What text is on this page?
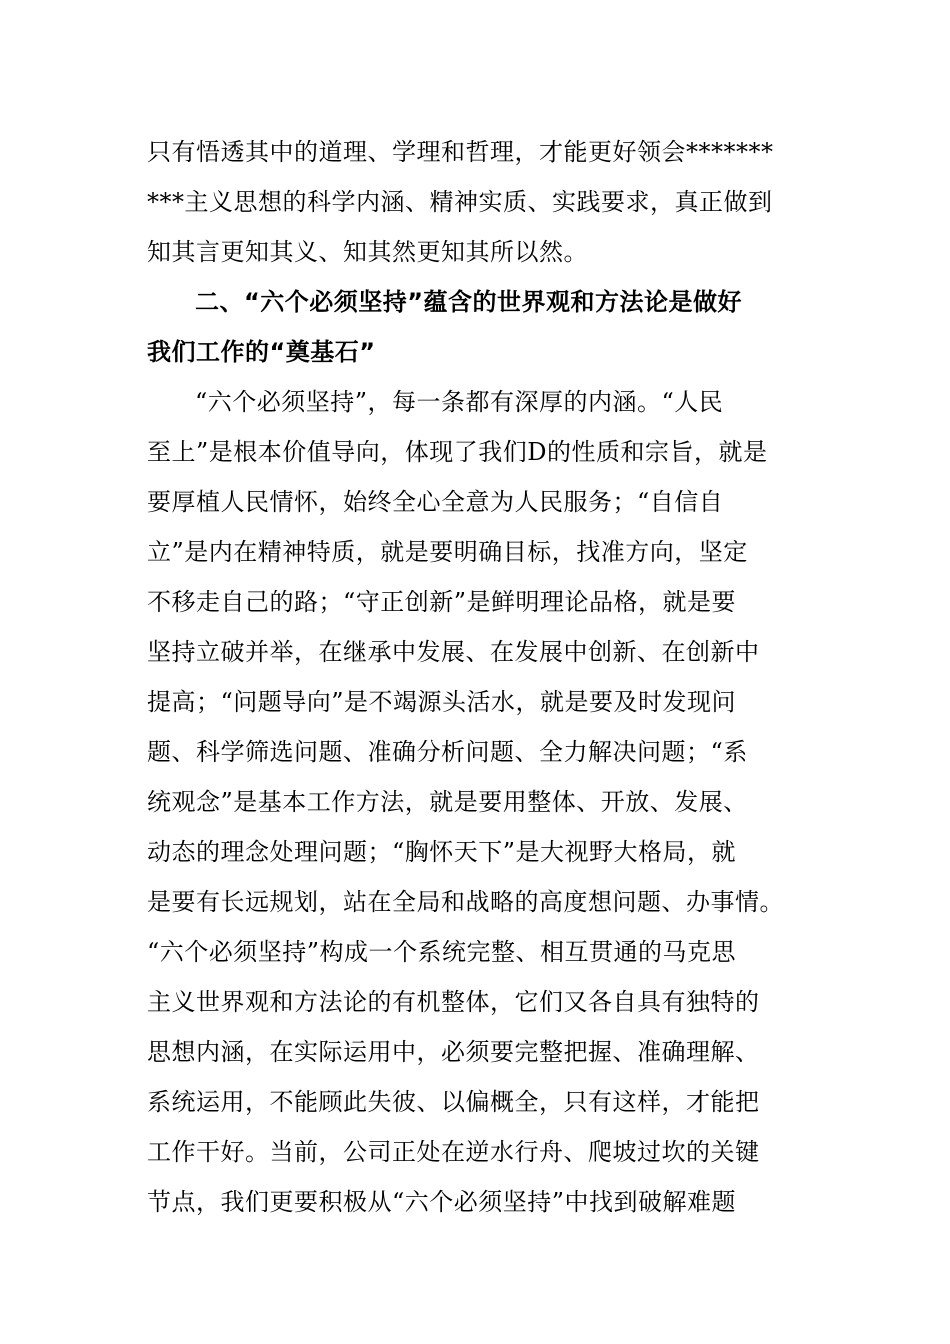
只有悟透其中的道理、学理和哲理，才能更好领会*******
***主义思想的科学内涵、精神实质、实践要求，真正做到
知其言更知其义、知其然更知其所以然。
二、“六个必须坚持”蕴含的世界观和方法论是做好
我们工作的“奠基石”
“六个必须坚持”，每一条都有深厚的内涵。“人民
至上”是根本价值导向，体现了我们D的性质和宗旨，就是
要厚植人民情怀，始终全心全意为人民服务；“自信自
立”是内在精神特质，就是要明确目标，找准方向，坚定
不移走自己的路；“守正创新”是鲜明理论品格，就是要
坚持立破并举，在继承中发展、在发展中创新、在创新中
提高；“问题导向”是不竭源头活水，就是要及时发现问
题、科学筛选问题、准确分析问题、全力解决问题；“系
统观念”是基本工作方法，就是要用整体、开放、发展、
动态的理念处理问题；“胸怀天下”是大视野大格局，就
是要有长远规划，站在全局和战略的高度想问题、办事情。
“六个必须坚持”构成一个系统完整、相互贯通的马克思
主义世界观和方法论的有机整体，它们又各自具有独特的
思想内涵，在实际运用中，必须要完整把握、准确理解、
系统运用，不能顾此失彼、以偏概全，只有这样，才能把
工作干好。当前，公司正处在逆水行舟、爬坡过坎的关键
节点，我们更要积极从“六个必须坚持”中找到破解难题
